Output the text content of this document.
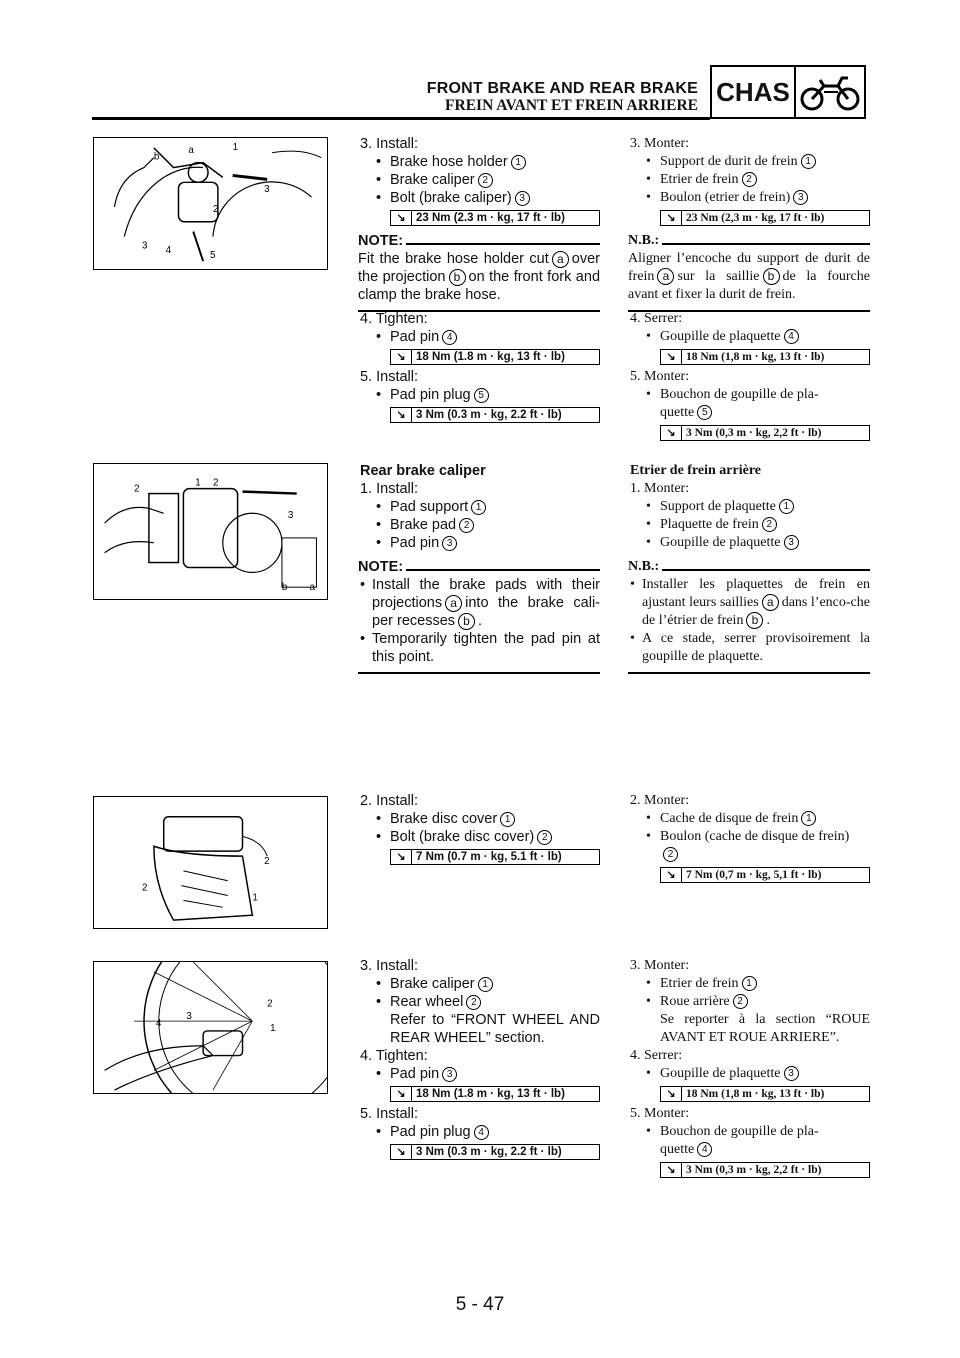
FRONT BRAKE AND REAR BRAKE
FREIN AVANT ET FREIN ARRIERE CHAS
a
b
1
2
3
3 4	5
2
1 2
3
b a
2
2
1
4
3
2
1
3. Install:
• Brake hose holder 1
• Brake caliper 2
• Bolt (brake caliper) 3
↘ 23 Nm (2.3 m · kg, 17 ft · lb)
NOTE:
Fit the brake hose holder cut a over the projection b on the front fork and clamp the brake hose.
3. Monter:
• Support de durit de frein 1
• Etrier de frein 2
• Boulon (etrier de frein) 3
↘ 23 Nm (2,3 m · kg, 17 ft · lb)
N.B.:
Aligner l’encoche du support de durit de frein a sur la saillie b de la fourche avant et fixer la durit de frein.
4. Tighten:
• Pad pin 4
↘ 18 Nm (1.8 m · kg, 13 ft · lb)
5. Install:
• Pad pin plug 5
↘ 3 Nm (0.3 m · kg, 2.2 ft · lb)
4. Serrer:
• Goupille de plaquette 4
↘ 18 Nm (1,8 m · kg, 13 ft · lb)
5. Monter:
• Bouchon de goupille de pla-
quette 5
↘ 3 Nm (0,3 m · kg, 2,2 ft · lb)
Rear brake caliper
1. Install:
• Pad support 1
• Brake pad 2
• Pad pin 3
NOTE:
• Install the brake pads with their projections a into the brake cali-per recesses b .
• Temporarily tighten the pad pin at this point.
Etrier de frein arrière
1. Monter:
• Support de plaquette 1
• Plaquette de frein 2
• Goupille de plaquette 3
N.B.:
• Installer les plaquettes de frein en ajustant leurs saillies a dans l’enco-che de l’étrier de frein b .
• A ce stade, serrer provisoirement la goupille de plaquette.
2. Install:
• Brake disc cover 1
• Bolt (brake disc cover) 2
↘ 7 Nm (0.7 m · kg, 5.1 ft · lb)
2. Monter:
• Cache de disque de frein 1
• Boulon (cache de disque de frein)
2
↘ 7 Nm (0,7 m · kg, 5,1 ft · lb)
3. Install:
• Brake caliper 1
• Rear wheel 2
Refer to “FRONT WHEEL AND REAR WHEEL” section.
4. Tighten:
• Pad pin 3
↘ 18 Nm (1.8 m · kg, 13 ft · lb)
5. Install:
• Pad pin plug 4
↘ 3 Nm (0.3 m · kg, 2.2 ft · lb)
3. Monter:
• Etrier de frein 1
• Roue arrière 2
Se reporter à la section “ROUE AVANT ET ROUE ARRIERE”.
4. Serrer:
• Goupille de plaquette 3
↘ 18 Nm (1,8 m · kg, 13 ft · lb)
5. Monter:
• Bouchon de goupille de pla-
quette 4
↘ 3 Nm (0,3 m · kg, 2,2 ft · lb)
5 - 47
